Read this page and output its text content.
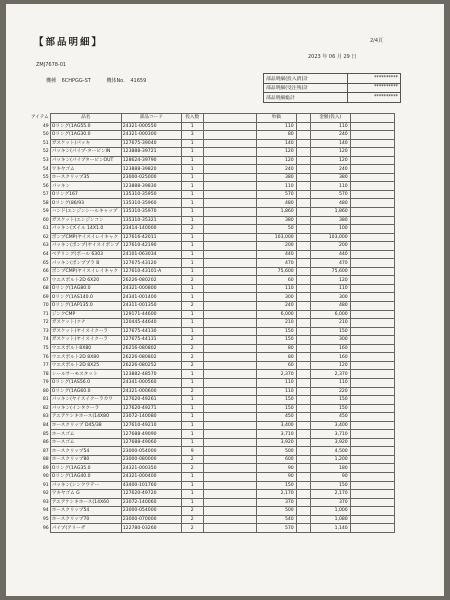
【部品明細】	2/4頁
2023 年 06 月 29 日
ZMJ7678-01
機種 6CHPGG-ST	機体No. 41659	部品明細(投入済)計	**********
部品明細(受注残)計	**********
部品明細総計	**********
アイテム	品名	部品コード	投入数		単価		金額(投入)	
49	Oリング(1AG55.0	24321-000550	1		110		110	
50	Oリング(1AG30.0	24321-000300	3		80		240	
51	ガスケット(パッキ	127675-39040	1		140		140	
52	パッキン(パイプ-ターピンIN	123888-39721	1		120		120	
53	パッキン(パイプターピンOUT	128624-39790	1		120		120	
54	ワキヤゴム	123888-39820	1		240		240	
55	ホースクリップ35	23000-025000	1		380		380	
56	パッキン	123888-39830	1		110		110	
57	Oリング167	135310-35950	1		570		570	
58	Oリング(86/93	135310-35960	1		480		480	
59	ハンド(エンジンシールキャップ	135310-35970	1		1,860		1,860	
60	ガスケット(エンジンコン	135310-35321	1		380		380	
61	パッキン(ズイル 14X1.0	23414-140000	2		50		100	
62	ポンプCMP(ヤイスイレイキャク	127616-42011	1		103,000		103,000	
63	パッキン(ポンプ(ヤイスイポンプ	127610-42190	1		200		200	
64	ベアリング(ボール 6303	24101-063034	1		440		440	
65	パッキン(ポンププラ B	127675-43120	1		470		470	
66	ポンプCMP(ヤイスイレイキャク	127610-43101-A	1		75,600		75,600	
67	ウエスボルト2D 6X20	26226-080202	2		60		120	
68	Oリング(1AG80.0	24321-000800	1		110		110	
69	Oリング(1AS140.0	24341-001400	1		300		300	
70	Oリング(1AP135.0	24311-001350	2		240		480	
71	ジンクCMP	129171-44600	1		6,000		6,000	
72	ガスケット(ツナ	120445-44640	1		210		210	
73	ガスケット(ヤイスイクーラ	127675-44130	1		150		150	
74	ガスケット(ヤイスイクーラ	127675-44131	2		150		300	
75	ウエスボルト8X80	26216-080802	2		80		160	
76	ウエスボルト2D 8X80	26226-080802	2		80		160	
77	ウエスボルト2D 8X25	26226-080252	2		60		120	
78	シールサーモスタット	123882-48570	1		2,370		2,370	
79	Oリング(1AS56.0	24341-000560	1		110		110	
80	Oリング(1AG60.0	24321-000600	2		110		220	
81	パッキン(ヤイスイクーラカワ	127620-49261	1		150		150	
82	パッキン(インタクーラ	127620-49271	1		150		150	
83	アエアケシキホース(14X80	23072-140080	1		450		450	
84	ホースクリップ D45/38	127610-49210	1		3,400		3,400	
85	ホースゴム	127688-49090	1		3,710		3,710	
86	ホースゴム	127688-49060	1		3,920		3,920	
87	ホースクリップ54	23000-054000	9		500		4,500	
88	ホースクリップ80	23000-080000	2		600		1,200	
89	Oリング(1AG35.0	24321-000350	2		90		180	
90	Oリング(1AG40.0	24321-000400	1		90		90	
91	パッキン(シンクワテー	43400-101760	1		150		150	
92	ワキヤゴム G	127620-49720	1		2,170		2,170	
93	アエアケシキホース(14X60	23072-140060	1		370		370	
94	ホースクリップ54	23000-054000	2		500		1,000	
95	ホースクリップ70	23000-070000	2		540		1,080	
96	パイプ(アリーザ	122780-03260	2		570		1,140	
